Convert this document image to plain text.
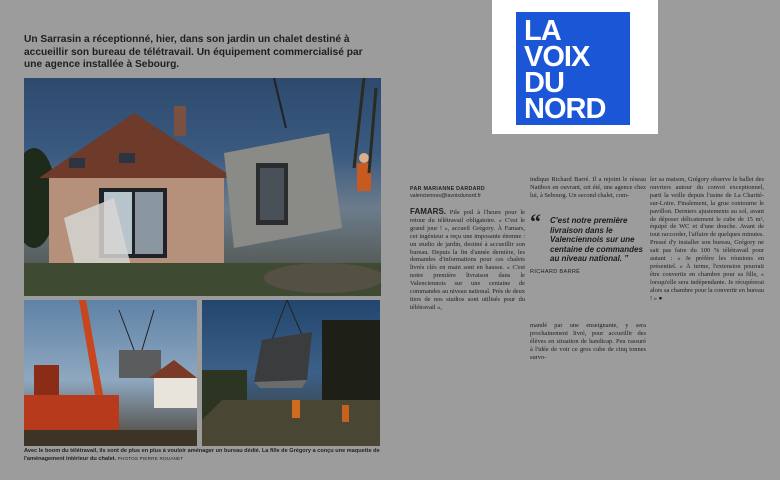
Un Sarrasin a réceptionné, hier, dans son jardin un chalet destiné à accueillir son bureau de télétravail. Un équipement commercialisé par une agence installée à Sebourg.
Avec le boom du télétravail, ils sont de plus en plus à vouloir aménager un bureau dédié. La fille de Grégory a conçu une maquette de l'aménagement intérieur du chalet. PHOTOS PIERRE ROUANET
PAR MARIANNE DARDARD
valenciennes@lavoixdunord.fr
FAMARS. Pile poil à l'heure pour le retour du télétravail obligatoire. « C'est le grand jour ! », accueil Grégory. À Famars, cet ingénieur a reçu une imposante étrenne : un studio de jardin, destiné à accueillir son bureau. Depuis la fin d'année dernière, les demandes d'informations pour ces chalets livrés clés en main sont en hausse. « C'est notre première livraison dans le Valenciennois sur une centaine de commandes au niveau national. Près de deux tiers de nos studios sont utilisés pour du télétravail »,
indique Richard Barré. Il a rejoint le réseau Natibox en ouvrant, cet été, une agence chez lui, à Sebourg. Un second chalet, com-
“	C'est notre première livraison dans le Valenciennois sur une centaine de commandes au niveau national. ”
RICHARD BARRÉ
mandé par une enseignante, y sera prochainement livré, pour accueillir des élèves en situation de handicap. Peu rassuré à l'idée de voir ce gros cube de cinq tonnes survo-
ler sa maison, Grégory observe le ballet des ouvriers autour du convoi exceptionnel, parti la veille depuis l'usine de La Charité-sur-Loire. Finalement, la grue contourne le pavillon. Derniers ajustements au sol, avant de déposer délicatement le cube de 15 m², équipé de WC et d'une douche. Avant de tout raccorder, l'affaire de quelques minutes. Pressé d'y installer son bureau, Grégory ne sait pas faire du 100 % télétravail pour autant : « Je préfère les réunions en présentiel. » À terme, l'extension pourrait être convertie en chambre pour sa fille, « lorsqu'elle sera indépendante. Je récupérerai alors sa chambre pour la convertir en bureau ! » ●
LA
VOIX
DU
NORD
